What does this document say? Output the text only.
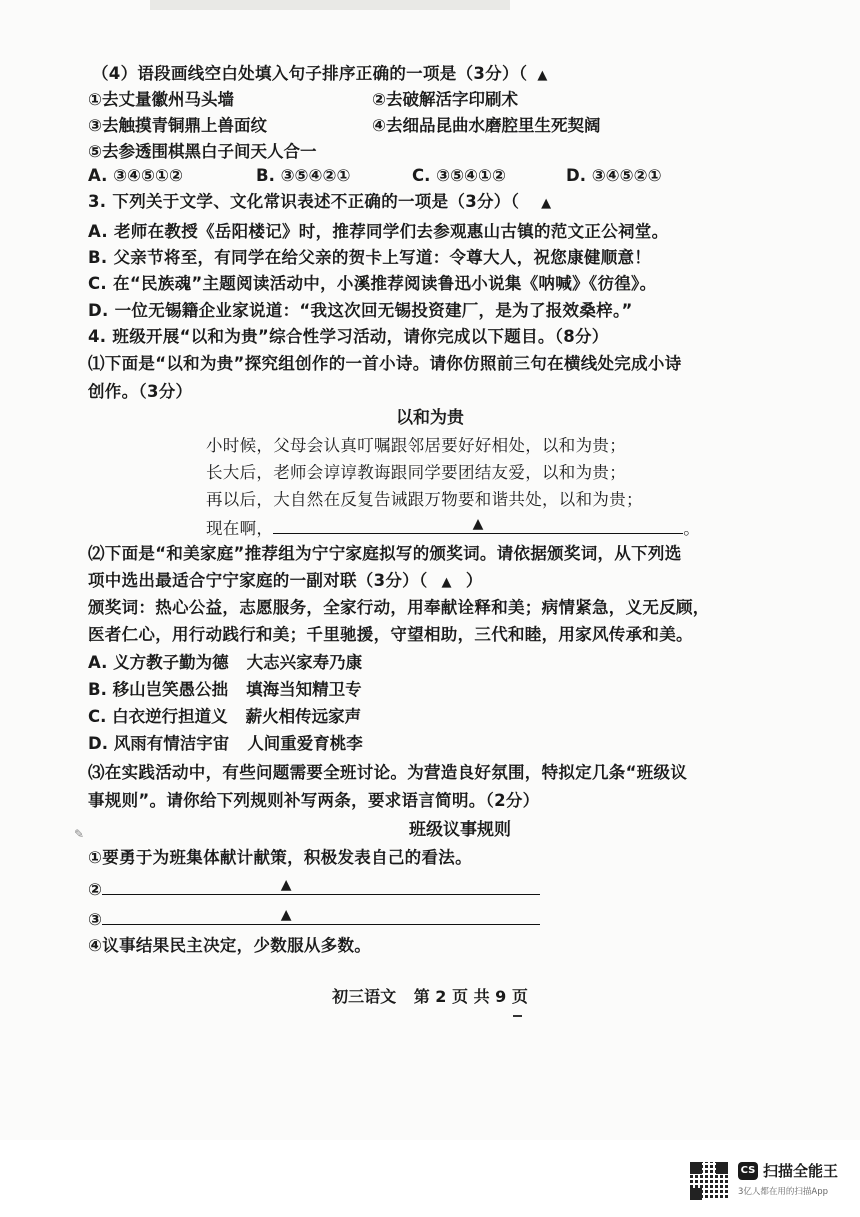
（4）语段画线空白处填入句子排序正确的一项是（3分）（ ▲
①去丈量徽州马头墙	②去破解活字印刷术
③去触摸青铜鼎上兽面纹	④去细品昆曲水磨腔里生死契阔
⑤去参透围棋黑白子间天人合一
A. ③④⑤①②	B. ③⑤④②①	C. ③⑤④①②	D. ③④⑤②①
3. 下列关于文学、文化常识表述不正确的一项是（3分）（ ▲
A. 老师在教授《岳阳楼记》时，推荐同学们去参观惠山古镇的范文正公祠堂。
B. 父亲节将至，有同学在给父亲的贺卡上写道：令尊大人，祝您康健顺意！
C. 在“民族魂”主题阅读活动中，小溪推荐阅读鲁迅小说集《呐喊》《彷徨》。
D. 一位无锡籍企业家说道：“我这次回无锡投资建厂，是为了报效桑梓。”
4. 班级开展“以和为贵”综合性学习活动，请你完成以下题目。（8分）
⑴下面是“以和为贵”探究组创作的一首小诗。请你仿照前三句在横线处完成小诗
创作。（3分）
以和为贵
小时候，父母会认真叮嘱跟邻居要好好相处，以和为贵；
长大后，老师会谆谆教诲跟同学要团结友爱，以和为贵；
再以后，大自然在反复告诫跟万物要和谐共处，以和为贵；
现在啊，	▲	。
⑵下面是“和美家庭”推荐组为宁宁家庭拟写的颁奖词。请依据颁奖词，从下列选
项中选出最适合宁宁家庭的一副对联（3分）（ ▲ ）
颁奖词：热心公益，志愿服务，全家行动，用奉献诠释和美；病情紧急，义无反顾，
医者仁心，用行动践行和美；千里驰援，守望相助，三代和睦，用家风传承和美。
A. 义方教子勤为德 大志兴家寿乃康
B. 移山岂笑愚公拙 填海当知精卫专
C. 白衣逆行担道义 薪火相传远家声
D. 风雨有情洁宇宙 人间重爱育桃李
⑶在实践活动中，有些问题需要全班讨论。为营造良好氛围，特拟定几条“班级议
事规则”。请你给下列规则补写两条，要求语言简明。（2分）
✎	班级议事规则
①要勇于为班集体献计献策，积极发表自己的看法。
②	▲
③	▲
④议事结果民主决定，少数服从多数。
初三语文 第 2 页 共 9 页
CS 扫描全能王
3亿人都在用的扫描App
